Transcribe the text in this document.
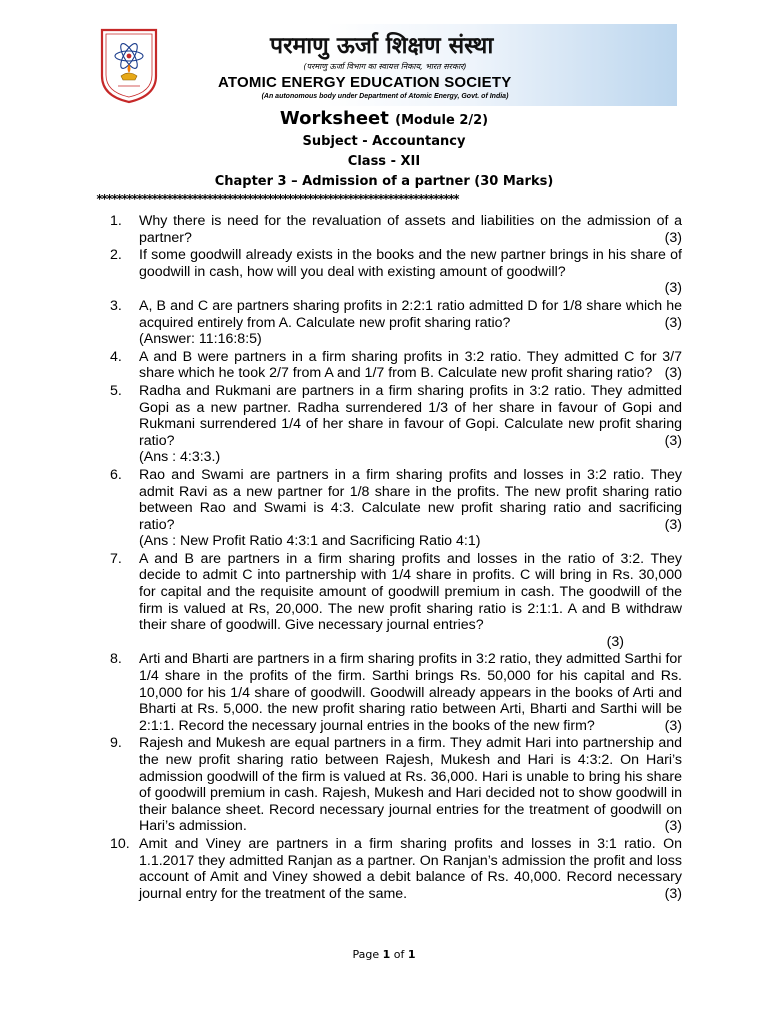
परमाणु ऊर्जा शिक्षण संस्था
(परमाणु ऊर्जा विभाग का स्वायत्त निकाय, भारत सरकार)
ATOMIC ENERGY EDUCATION SOCIETY
(An autonomous body under Department of Atomic Energy, Govt. of India)
Worksheet (Module 2/2)
Subject - Accountancy
Class - XII
Chapter 3 – Admission of a partner (30 Marks)
************************************************************************
1.	Why there is need for the revaluation of assets and liabilities on the admission of a partner?	(3)
2.	If some goodwill already exists in the books and the new partner brings in his share of goodwill in cash, how will you deal with existing amount of goodwill?
(3)
3.	A, B and C are partners sharing profits in 2:2:1 ratio admitted D for 1/8 share which he acquired entirely from A. Calculate new profit sharing ratio?	(3)
(Answer: 11:16:8:5)
4.	A and B were partners in a firm sharing profits in 3:2 ratio. They admitted C for 3/7 share which he took 2/7 from A and 1/7 from B. Calculate new profit sharing ratio? (3)
5.	Radha and Rukmani are partners in a firm sharing profits in 3:2 ratio. They admitted Gopi as a new partner. Radha surrendered 1/3 of her share in favour of Gopi and Rukmani surrendered 1/4 of her share in favour of Gopi. Calculate new profit sharing ratio?	(3)
(Ans : 4:3:3.)
6.	Rao and Swami are partners in a firm sharing profits and losses in 3:2 ratio. They admit Ravi as a new partner for 1/8 share in the profits. The new profit sharing ratio between Rao and Swami is 4:3. Calculate new profit sharing ratio and sacrificing ratio?	(3)
(Ans : New Profit Ratio 4:3:1 and Sacrificing Ratio 4:1)
7.	A and B are partners in a firm sharing profits and losses in the ratio of 3:2. They decide to admit C into partnership with 1/4 share in profits. C will bring in Rs. 30,000 for capital and the requisite amount of goodwill premium in cash. The goodwill of the firm is valued at Rs, 20,000. The new profit sharing ratio is 2:1:1. A and B withdraw their share of goodwill. Give necessary journal entries?
(3)
8.	Arti and Bharti are partners in a firm sharing profits in 3:2 ratio, they admitted Sarthi for 1/4 share in the profits of the firm. Sarthi brings Rs. 50,000 for his capital and Rs. 10,000 for his 1/4 share of goodwill. Goodwill already appears in the books of Arti and Bharti at Rs. 5,000. the new profit sharing ratio between Arti, Bharti and Sarthi will be 2:1:1. Record the necessary journal entries in the books of the new firm?	(3)
9.	Rajesh and Mukesh are equal partners in a firm. They admit Hari into partnership and the new profit sharing ratio between Rajesh, Mukesh and Hari is 4:3:2. On Hari’s admission goodwill of the firm is valued at Rs. 36,000. Hari is unable to bring his share of goodwill premium in cash. Rajesh, Mukesh and Hari decided not to show goodwill in their balance sheet. Record necessary journal entries for the treatment of goodwill on Hari’s admission.	(3)
10. Amit and Viney are partners in a firm sharing profits and losses in 3:1 ratio. On 1.1.2017 they admitted Ranjan as a partner. On Ranjan’s admission the profit and loss account of Amit and Viney showed a debit balance of Rs. 40,000. Record necessary journal entry for the treatment of the same.	(3)
Page 1 of 1
